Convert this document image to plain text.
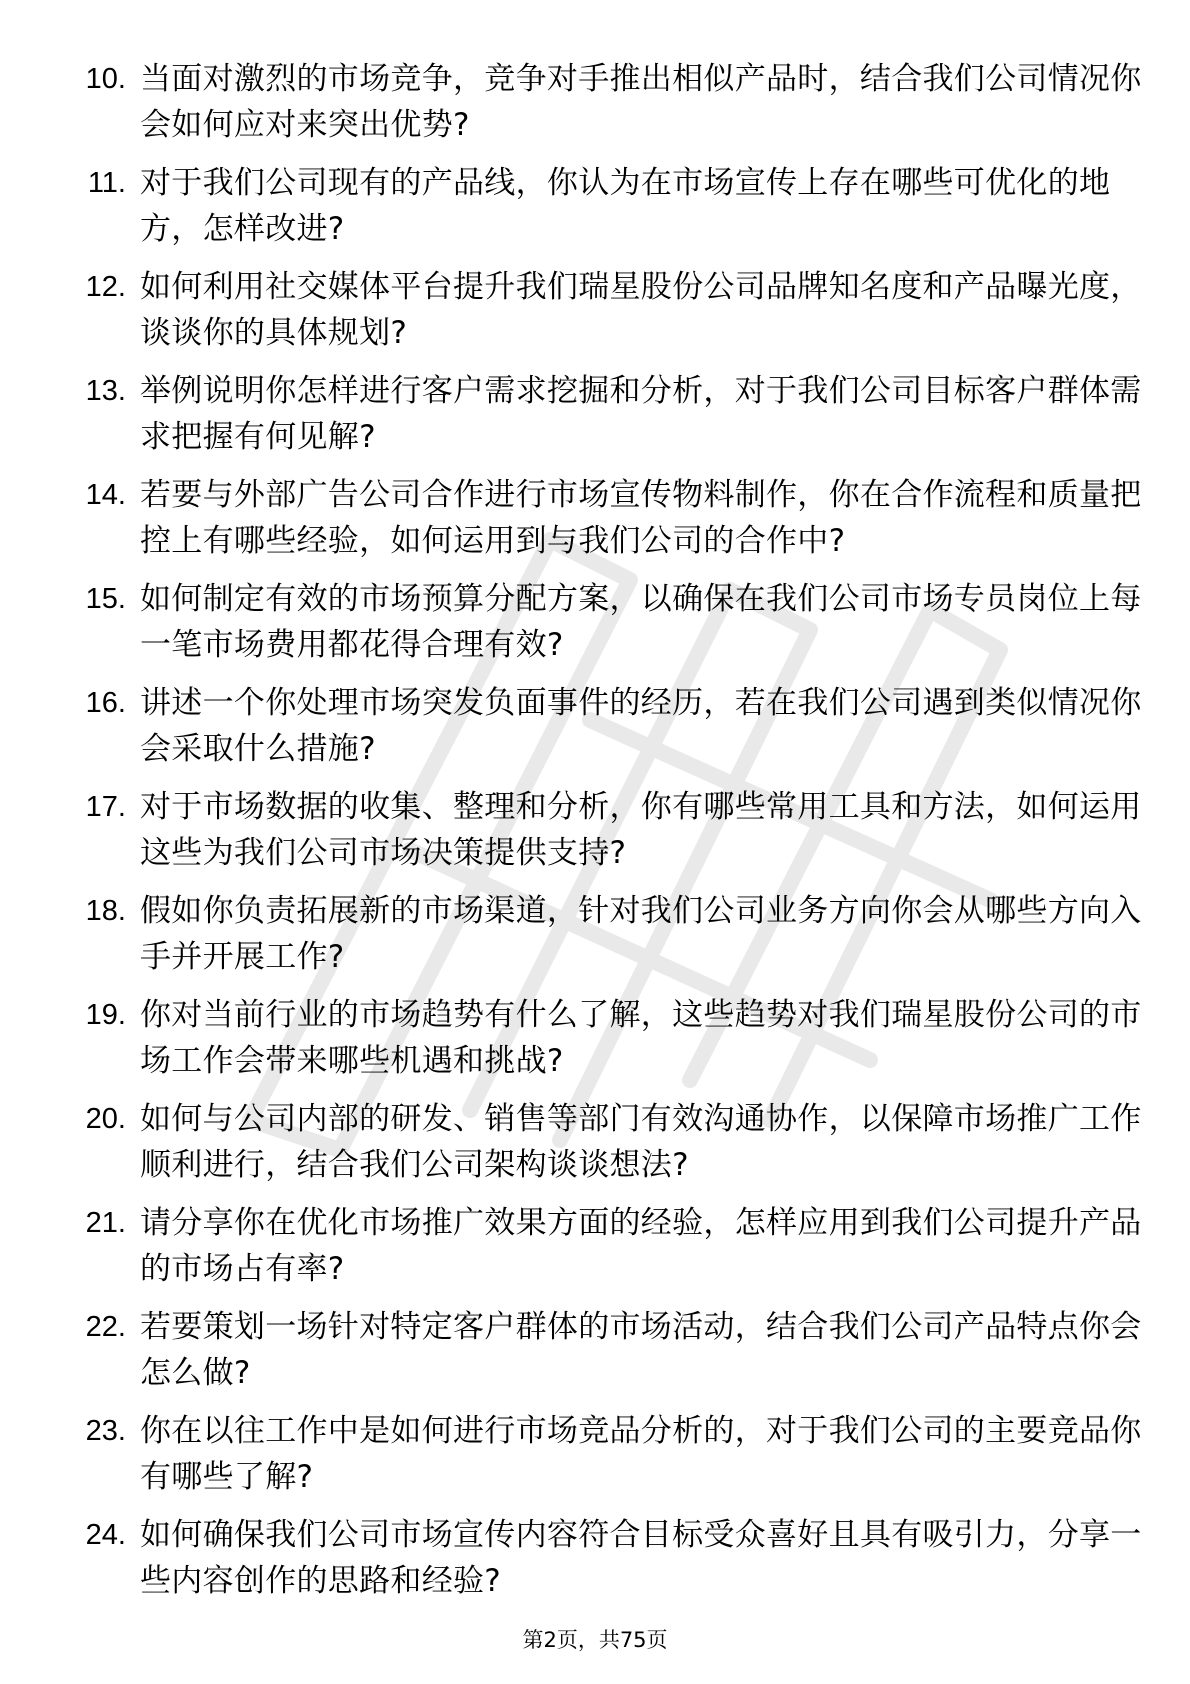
10. 当面对激烈的市场竞争，竞争对手推出相似产品时，结合我们公司情况你会如何应对来突出优势?
11. 对于我们公司现有的产品线，你认为在市场宣传上存在哪些可优化的地方，怎样改进?
12. 如何利用社交媒体平台提升我们瑞星股份公司品牌知名度和产品曝光度，谈谈你的具体规划?
13. 举例说明你怎样进行客户需求挖掘和分析，对于我们公司目标客户群体需求把握有何见解?
14. 若要与外部广告公司合作进行市场宣传物料制作，你在合作流程和质量把控上有哪些经验，如何运用到与我们公司的合作中?
15. 如何制定有效的市场预算分配方案，以确保在我们公司市场专员岗位上每一笔市场费用都花得合理有效?
16. 讲述一个你处理市场突发负面事件的经历，若在我们公司遇到类似情况你会采取什么措施?
17. 对于市场数据的收集、整理和分析，你有哪些常用工具和方法，如何运用这些为我们公司市场决策提供支持?
18. 假如你负责拓展新的市场渠道，针对我们公司业务方向你会从哪些方向入手并开展工作?
19. 你对当前行业的市场趋势有什么了解，这些趋势对我们瑞星股份公司的市场工作会带来哪些机遇和挑战?
20. 如何与公司内部的研发、销售等部门有效沟通协作，以保障市场推广工作顺利进行，结合我们公司架构谈谈想法?
21. 请分享你在优化市场推广效果方面的经验，怎样应用到我们公司提升产品的市场占有率?
22. 若要策划一场针对特定客户群体的市场活动，结合我们公司产品特点你会怎么做?
23. 你在以往工作中是如何进行市场竞品分析的，对于我们公司的主要竞品你有哪些了解?
24. 如何确保我们公司市场宣传内容符合目标受众喜好且具有吸引力，分享一些内容创作的思路和经验?
第2页，共75页
